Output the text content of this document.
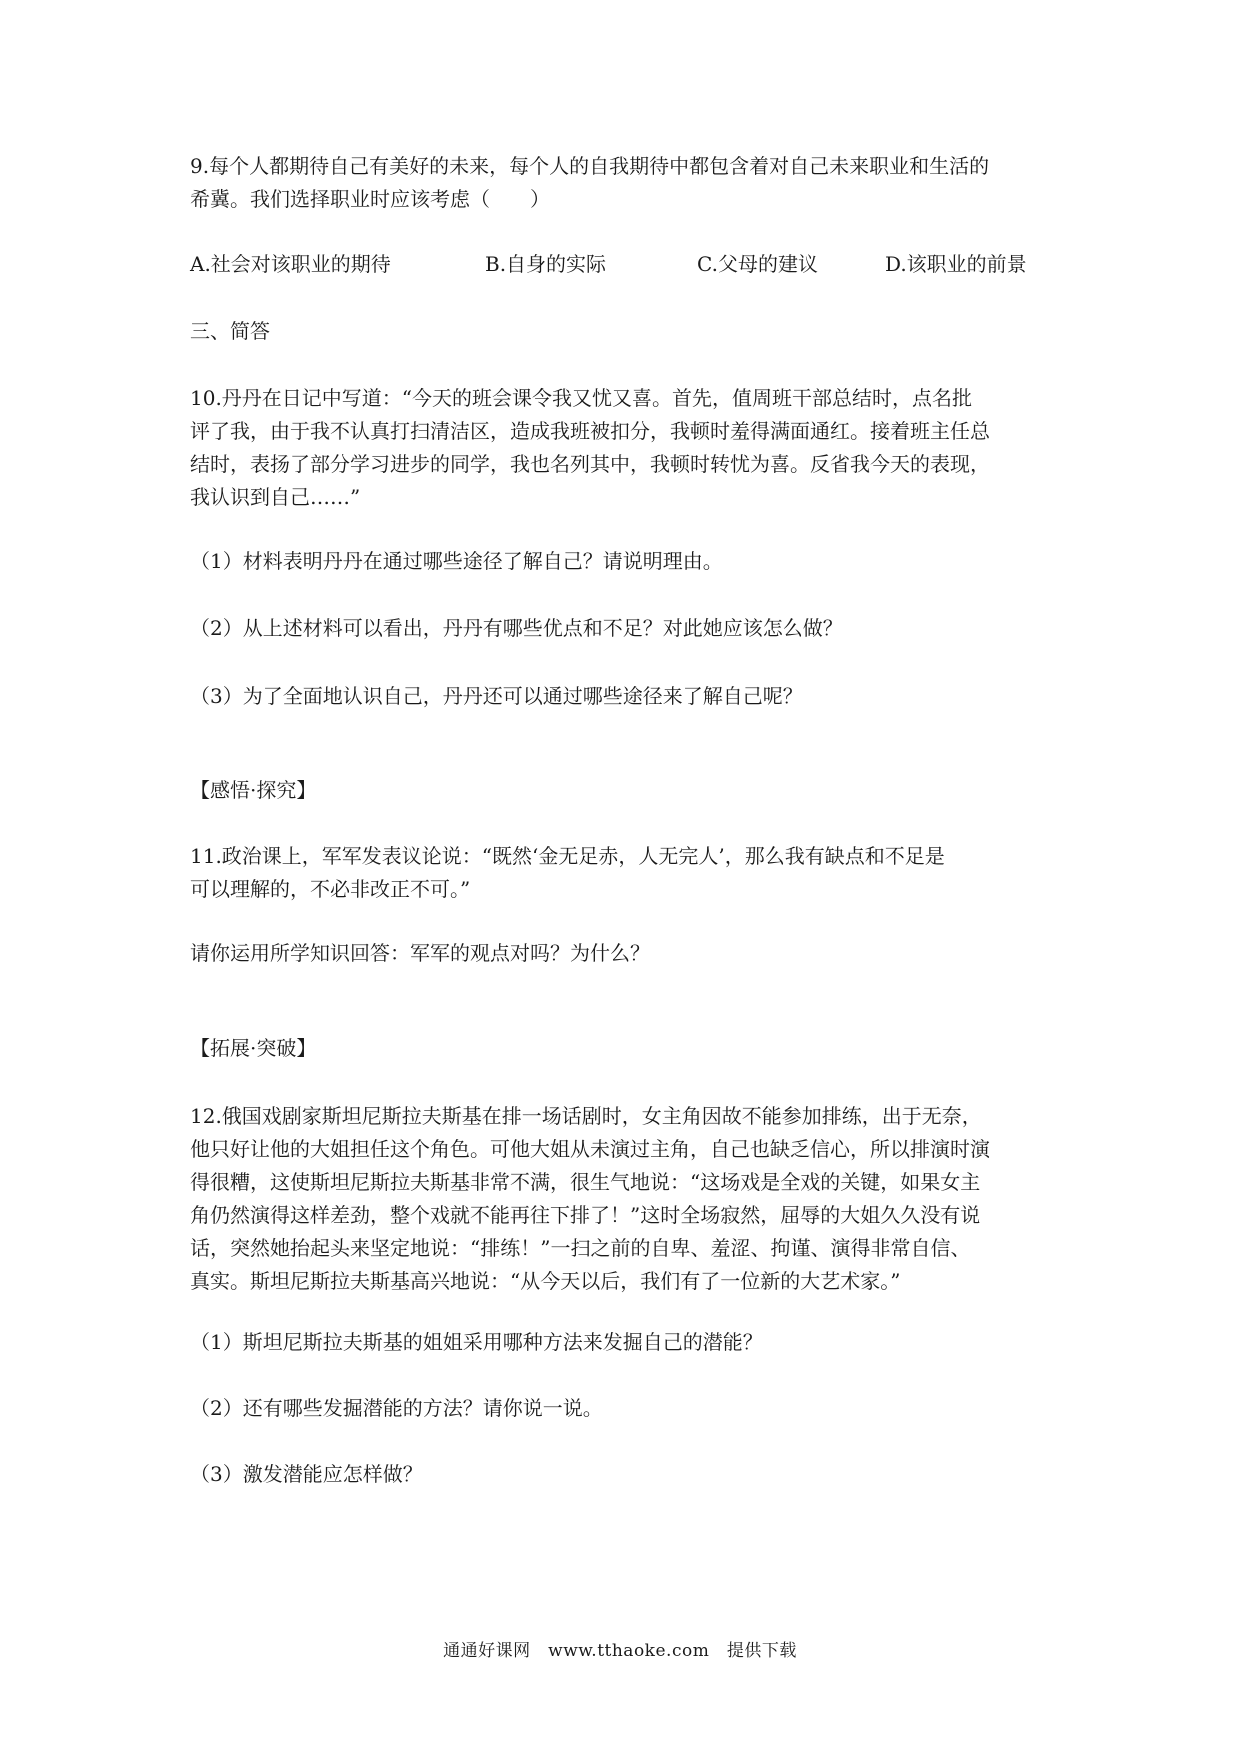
9.每个人都期待自己有美好的未来，每个人的自我期待中都包含着对自己未来职业和生活的
希冀。我们选择职业时应该考虑（　　）
A.社会对该职业的期待	B.自身的实际	C.父母的建议	D.该职业的前景
三、简答
10.丹丹在日记中写道：“今天的班会课令我又忧又喜。首先，值周班干部总结时，点名批
评了我，由于我不认真打扫清洁区，造成我班被扣分，我顿时羞得满面通红。接着班主任总
结时，表扬了部分学习进步的同学，我也名列其中，我顿时转忧为喜。反省我今天的表现，
我认识到自己……”
（1）材料表明丹丹在通过哪些途径了解自己？请说明理由。
（2）从上述材料可以看出，丹丹有哪些优点和不足？对此她应该怎么做？
（3）为了全面地认识自己，丹丹还可以通过哪些途径来了解自己呢？
【感悟·探究】
11.政治课上，军军发表议论说：“既然‘金无足赤，人无完人’，那么我有缺点和不足是
可以理解的，不必非改正不可。”
请你运用所学知识回答：军军的观点对吗？为什么？
【拓展·突破】
12.俄国戏剧家斯坦尼斯拉夫斯基在排一场话剧时，女主角因故不能参加排练，出于无奈，
他只好让他的大姐担任这个角色。可他大姐从未演过主角，自己也缺乏信心，所以排演时演
得很糟，这使斯坦尼斯拉夫斯基非常不满，很生气地说：“这场戏是全戏的关键，如果女主
角仍然演得这样差劲，整个戏就不能再往下排了！”这时全场寂然，屈辱的大姐久久没有说
话，突然她抬起头来坚定地说：“排练！”一扫之前的自卑、羞涩、拘谨、演得非常自信、
真实。斯坦尼斯拉夫斯基高兴地说：“从今天以后，我们有了一位新的大艺术家。”
（1）斯坦尼斯拉夫斯基的姐姐采用哪种方法来发掘自己的潜能？
（2）还有哪些发掘潜能的方法？请你说一说。
（3）激发潜能应怎样做？
通通好课网　www.tthaoke.com　提供下载
